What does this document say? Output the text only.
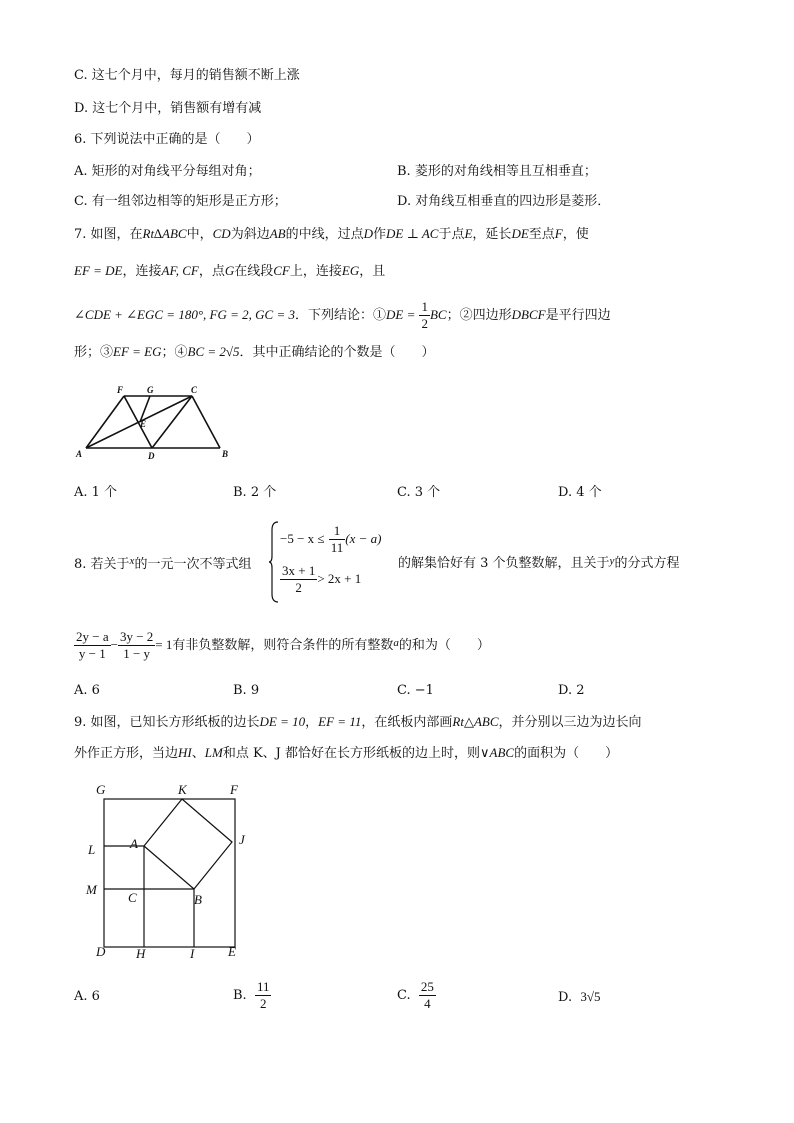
C. 这七个月中，每月的销售额不断上涨
D. 这七个月中，销售额有增有减
6. 下列说法中正确的是（　　）
A. 矩形的对角线平分每组对角；	B. 菱形的对角线相等且互相垂直；
C. 有一组邻边相等的矩形是正方形；	D. 对角线互相垂直的四边形是菱形．
7. 如图，在Rt∆ABC中，CD为斜边AB的中线，过点D作DE ⊥ AC于点E，延长DE至点F，使
EF = DE，连接AF, CF，点G在线段CF上，连接EG，且
∠CDE + ∠EGC = 180°, FG = 2, GC = 3．下列结论：①DE = $\frac{1}{2}$ BC；②四边形DBCF是平行四边
形；③EF = EG；④BC = 2√5．其中正确结论的个数是（　　）
F	G	C
E
A	D	B
A. 1 个	B. 2 个	C. 3 个	D. 4 个
8. 若关于$^x$的一元一次不等式组
$-5 - x \le \frac{1}{11} (x - a)$
$\frac{3x + 1}{2} > 2x + 1$
的解集恰好有 3 个负整数解，且关于$^y$的分式方程
$\frac{2y - a}{y - 1} - \frac{3y - 2}{1 - y} = 1$有非负整数解，则符合条件的所有整数$^a$的和为（　　）
A. 6	B. 9	C. −1	D. 2
9. 如图，已知长方形纸板的边长DE = 10，EF = 11，在纸板内部画Rt△ABC，并分别以三边为边长向
外作正方形，当边HI、LM和点 K、J 都恰好在长方形纸板的边上时，则∨ABC的面积为（　　）
G	K	F
J
L	A
M
C	B
D H	I	E
A. 6	B. $\frac{11}{2}$	C. $\frac{25}{4}$	D. 3√5
